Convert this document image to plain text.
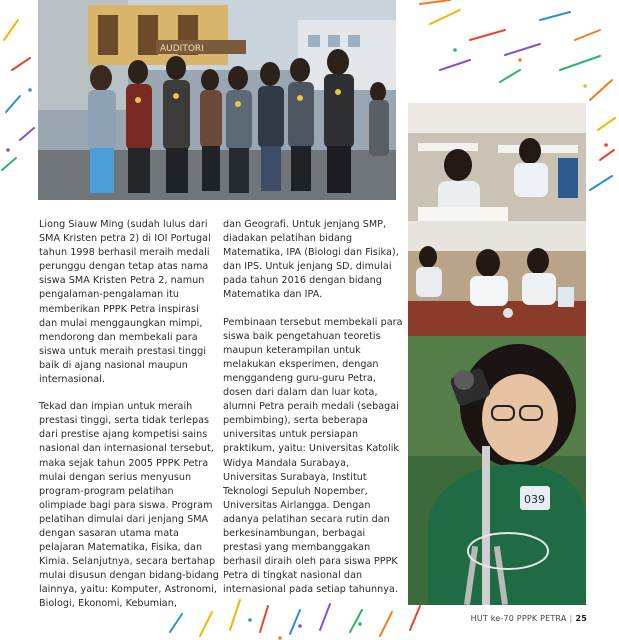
AUDITORI
039

Liong Siauw Ming (sudah lulus dari SMA Kristen petra 2) di IOI Portugal tahun 1998 berhasil meraih medali perunggu dengan tetap atas nama siswa SMA Kristen Petra 2, namun pengalaman-pengalaman itu memberikan PPPK Petra inspirasi dan mulai menggaungkan mimpi, mendorong dan membekali para siswa untuk meraih prestasi tinggi baik di ajang nasional maupun internasional.

Tekad dan impian untuk meraih prestasi tinggi, serta tidak terlepas dari prestise ajang kompetisi sains nasional dan internasional tersebut, maka sejak tahun 2005 PPPK Petra mulai dengan serius menyusun program-program pelatihan olimpiade bagi para siswa. Program pelatihan dimulai dari jenjang SMA dengan sasaran utama mata pelajaran Matematika, Fisika, dan Kimia. Selanjutnya, secara bertahap mulai disusun dengan bidang-bidang lainnya, yaitu: Komputer, Astronomi, Biologi, Ekonomi, Kebumian,

dan Geografi. Untuk jenjang SMP, diadakan pelatihan bidang Matematika, IPA (Biologi dan Fisika), dan IPS. Untuk jenjang SD, dimulai pada tahun 2016 dengan bidang Matematika dan IPA.

Pembinaan tersebut membekali para siswa baik pengetahuan teoretis maupun keterampilan untuk melakukan eksperimen, dengan menggandeng guru-guru Petra, dosen dari dalam dan luar kota, alumni Petra peraih medali (sebagai pembimbing), serta beberapa universitas untuk persiapan praktikum, yaitu: Universitas Katolik Widya Mandala Surabaya, Universitas Surabaya, Institut Teknologi Sepuluh Nopember, Universitas Airlangga. Dengan adanya pelatihan secara rutin dan berkesinambungan, berbagai prestasi yang membanggakan berhasil diraih oleh para siswa PPPK Petra di tingkat nasional dan internasional pada setiap tahunnya.

HUT ke-70 PPPK PETRA | 25
